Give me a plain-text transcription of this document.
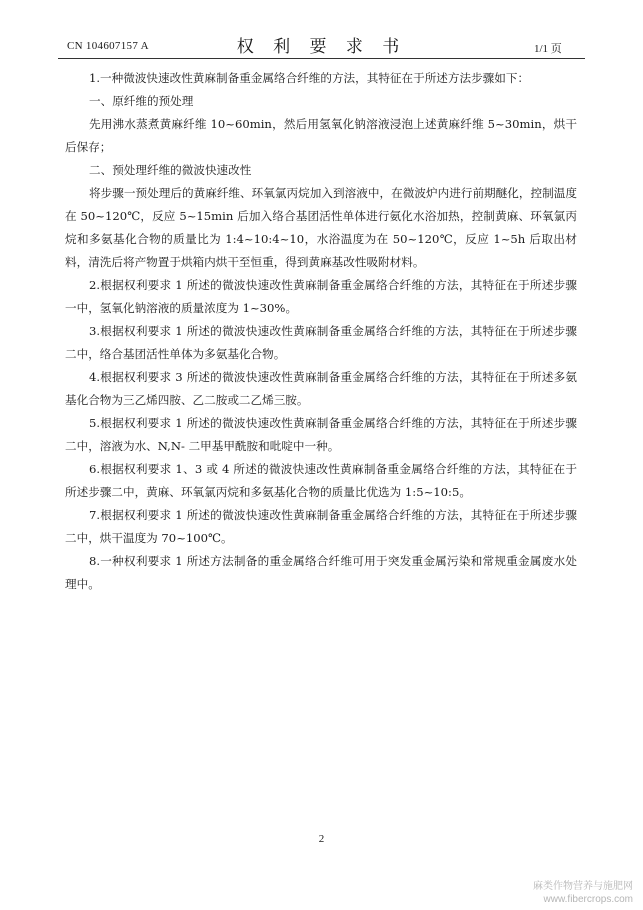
CN 104607157 A	权 利 要 求 书	1/1 页

1.一种微波快速改性黄麻制备重金属络合纤维的方法，其特征在于所述方法步骤如下：

一、原纤维的预处理

先用沸水蒸煮黄麻纤维 10~60min，然后用氢氧化钠溶液浸泡上述黄麻纤维 5~30min，烘干后保存；

二、预处理纤维的微波快速改性

将步骤一预处理后的黄麻纤维、环氧氯丙烷加入到溶液中，在微波炉内进行前期醚化，控制温度在 50~120℃，反应 5~15min 后加入络合基团活性单体进行氨化水浴加热，控制黄麻、环氧氯丙烷和多氨基化合物的质量比为 1:4~10:4~10，水浴温度为在 50~120℃，反应 1~5h 后取出材料，清洗后将产物置于烘箱内烘干至恒重，得到黄麻基改性吸附材料。

2.根据权利要求 1 所述的微波快速改性黄麻制备重金属络合纤维的方法，其特征在于所述步骤一中，氢氧化钠溶液的质量浓度为 1~30%。

3.根据权利要求 1 所述的微波快速改性黄麻制备重金属络合纤维的方法，其特征在于所述步骤二中，络合基团活性单体为多氨基化合物。

4.根据权利要求 3 所述的微波快速改性黄麻制备重金属络合纤维的方法，其特征在于所述多氨基化合物为三乙烯四胺、乙二胺或二乙烯三胺。

5.根据权利要求 1 所述的微波快速改性黄麻制备重金属络合纤维的方法，其特征在于所述步骤二中，溶液为水、N,N- 二甲基甲酰胺和吡啶中一种。

6.根据权利要求 1、3 或 4 所述的微波快速改性黄麻制备重金属络合纤维的方法，其特征在于所述步骤二中，黄麻、环氧氯丙烷和多氨基化合物的质量比优选为 1:5~10:5。

7.根据权利要求 1 所述的微波快速改性黄麻制备重金属络合纤维的方法，其特征在于所述步骤二中，烘干温度为 70~100℃。

8.一种权利要求 1 所述方法制备的重金属络合纤维可用于突发重金属污染和常规重金属废水处理中。

2
麻类作物营养与施肥网
www.fibercrops.com
